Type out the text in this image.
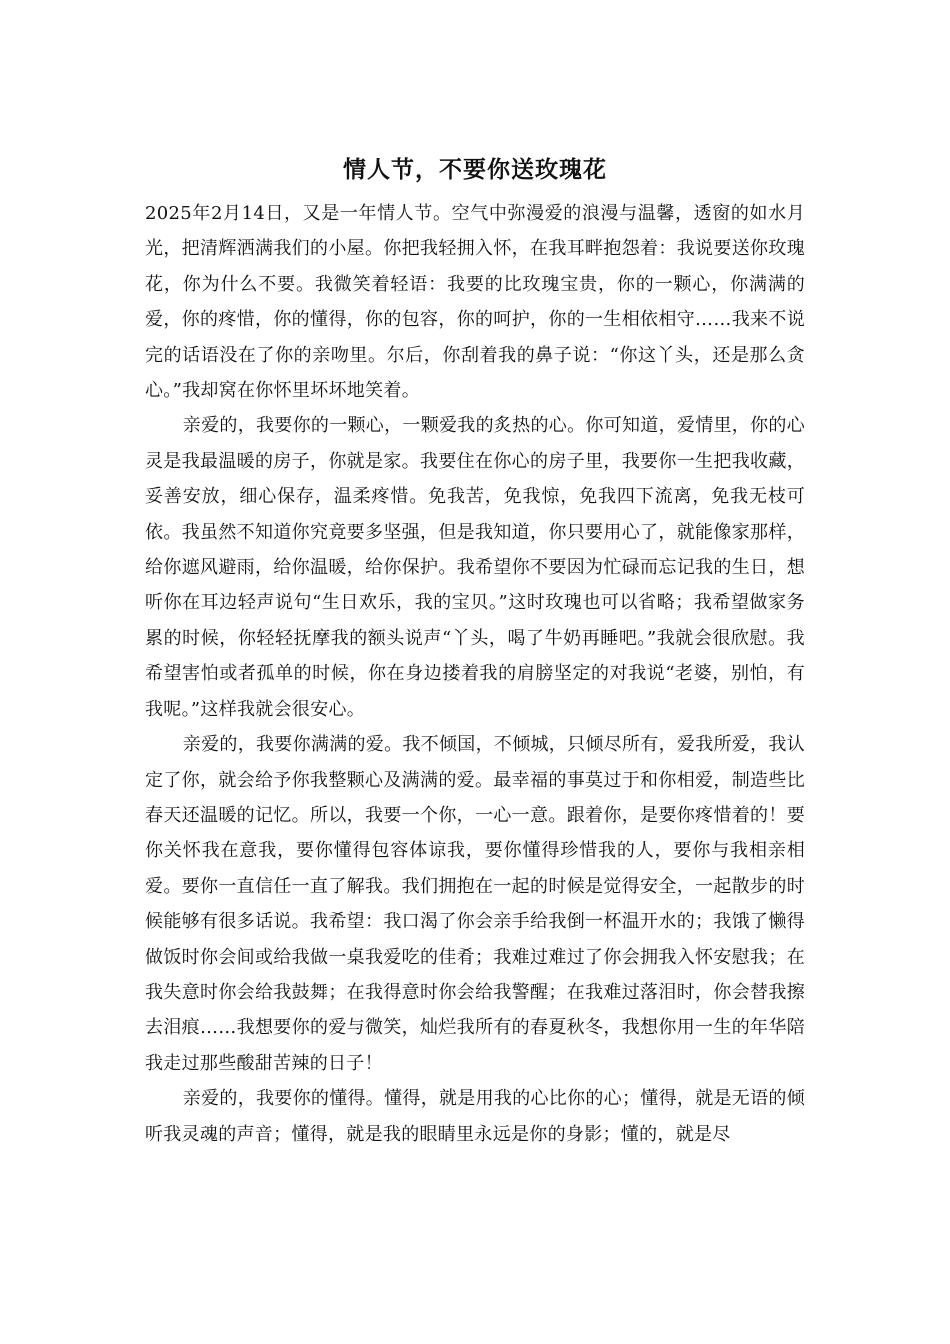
情人节，不要你送玫瑰花

2025年2月14日，又是一年情人节。空气中弥漫爱的浪漫与温馨，透窗的如水月光，把清辉洒满我们的小屋。你把我轻拥入怀，在我耳畔抱怨着：我说要送你玫瑰花，你为什么不要。我微笑着轻语：我要的比玫瑰宝贵，你的一颗心，你满满的爱，你的疼惜，你的懂得，你的包容，你的呵护，你的一生相依相守……我来不说完的话语没在了你的亲吻里。尔后，你刮着我的鼻子说：“你这丫头，还是那么贪心。”我却窝在你怀里坏坏地笑着。

亲爱的，我要你的一颗心，一颗爱我的炙热的心。你可知道，爱情里，你的心灵是我最温暖的房子，你就是家。我要住在你心的房子里，我要你一生把我收藏，妥善安放，细心保存，温柔疼惜。免我苦，免我惊，免我四下流离，免我无枝可依。我虽然不知道你究竟要多坚强，但是我知道，你只要用心了，就能像家那样，给你遮风避雨，给你温暖，给你保护。我希望你不要因为忙碌而忘记我的生日，想听你在耳边轻声说句“生日欢乐，我的宝贝。”这时玫瑰也可以省略；我希望做家务累的时候，你轻轻抚摩我的额头说声“丫头，喝了牛奶再睡吧。”我就会很欣慰。我希望害怕或者孤单的时候，你在身边搂着我的肩膀坚定的对我说“老婆，别怕，有我呢。”这样我就会很安心。

亲爱的，我要你满满的爱。我不倾国，不倾城，只倾尽所有，爱我所爱，我认定了你，就会给予你我整颗心及满满的爱。最幸福的事莫过于和你相爱，制造些比春天还温暖的记忆。所以，我要一个你，一心一意。跟着你，是要你疼惜着的！要你关怀我在意我，要你懂得包容体谅我，要你懂得珍惜我的人，要你与我相亲相爱。要你一直信任一直了解我。我们拥抱在一起的时候是觉得安全，一起散步的时候能够有很多话说。我希望：我口渴了你会亲手给我倒一杯温开水的；我饿了懒得做饭时你会间或给我做一桌我爱吃的佳肴；我难过难过了你会拥我入怀安慰我；在我失意时你会给我鼓舞；在我得意时你会给我警醒；在我难过落泪时，你会替我擦去泪痕……我想要你的爱与微笑，灿烂我所有的春夏秋冬，我想你用一生的年华陪我走过那些酸甜苦辣的日子！

亲爱的，我要你的懂得。懂得，就是用我的心比你的心；懂得，就是无语的倾听我灵魂的声音；懂得，就是我的眼睛里永远是你的身影；懂的，就是尽
